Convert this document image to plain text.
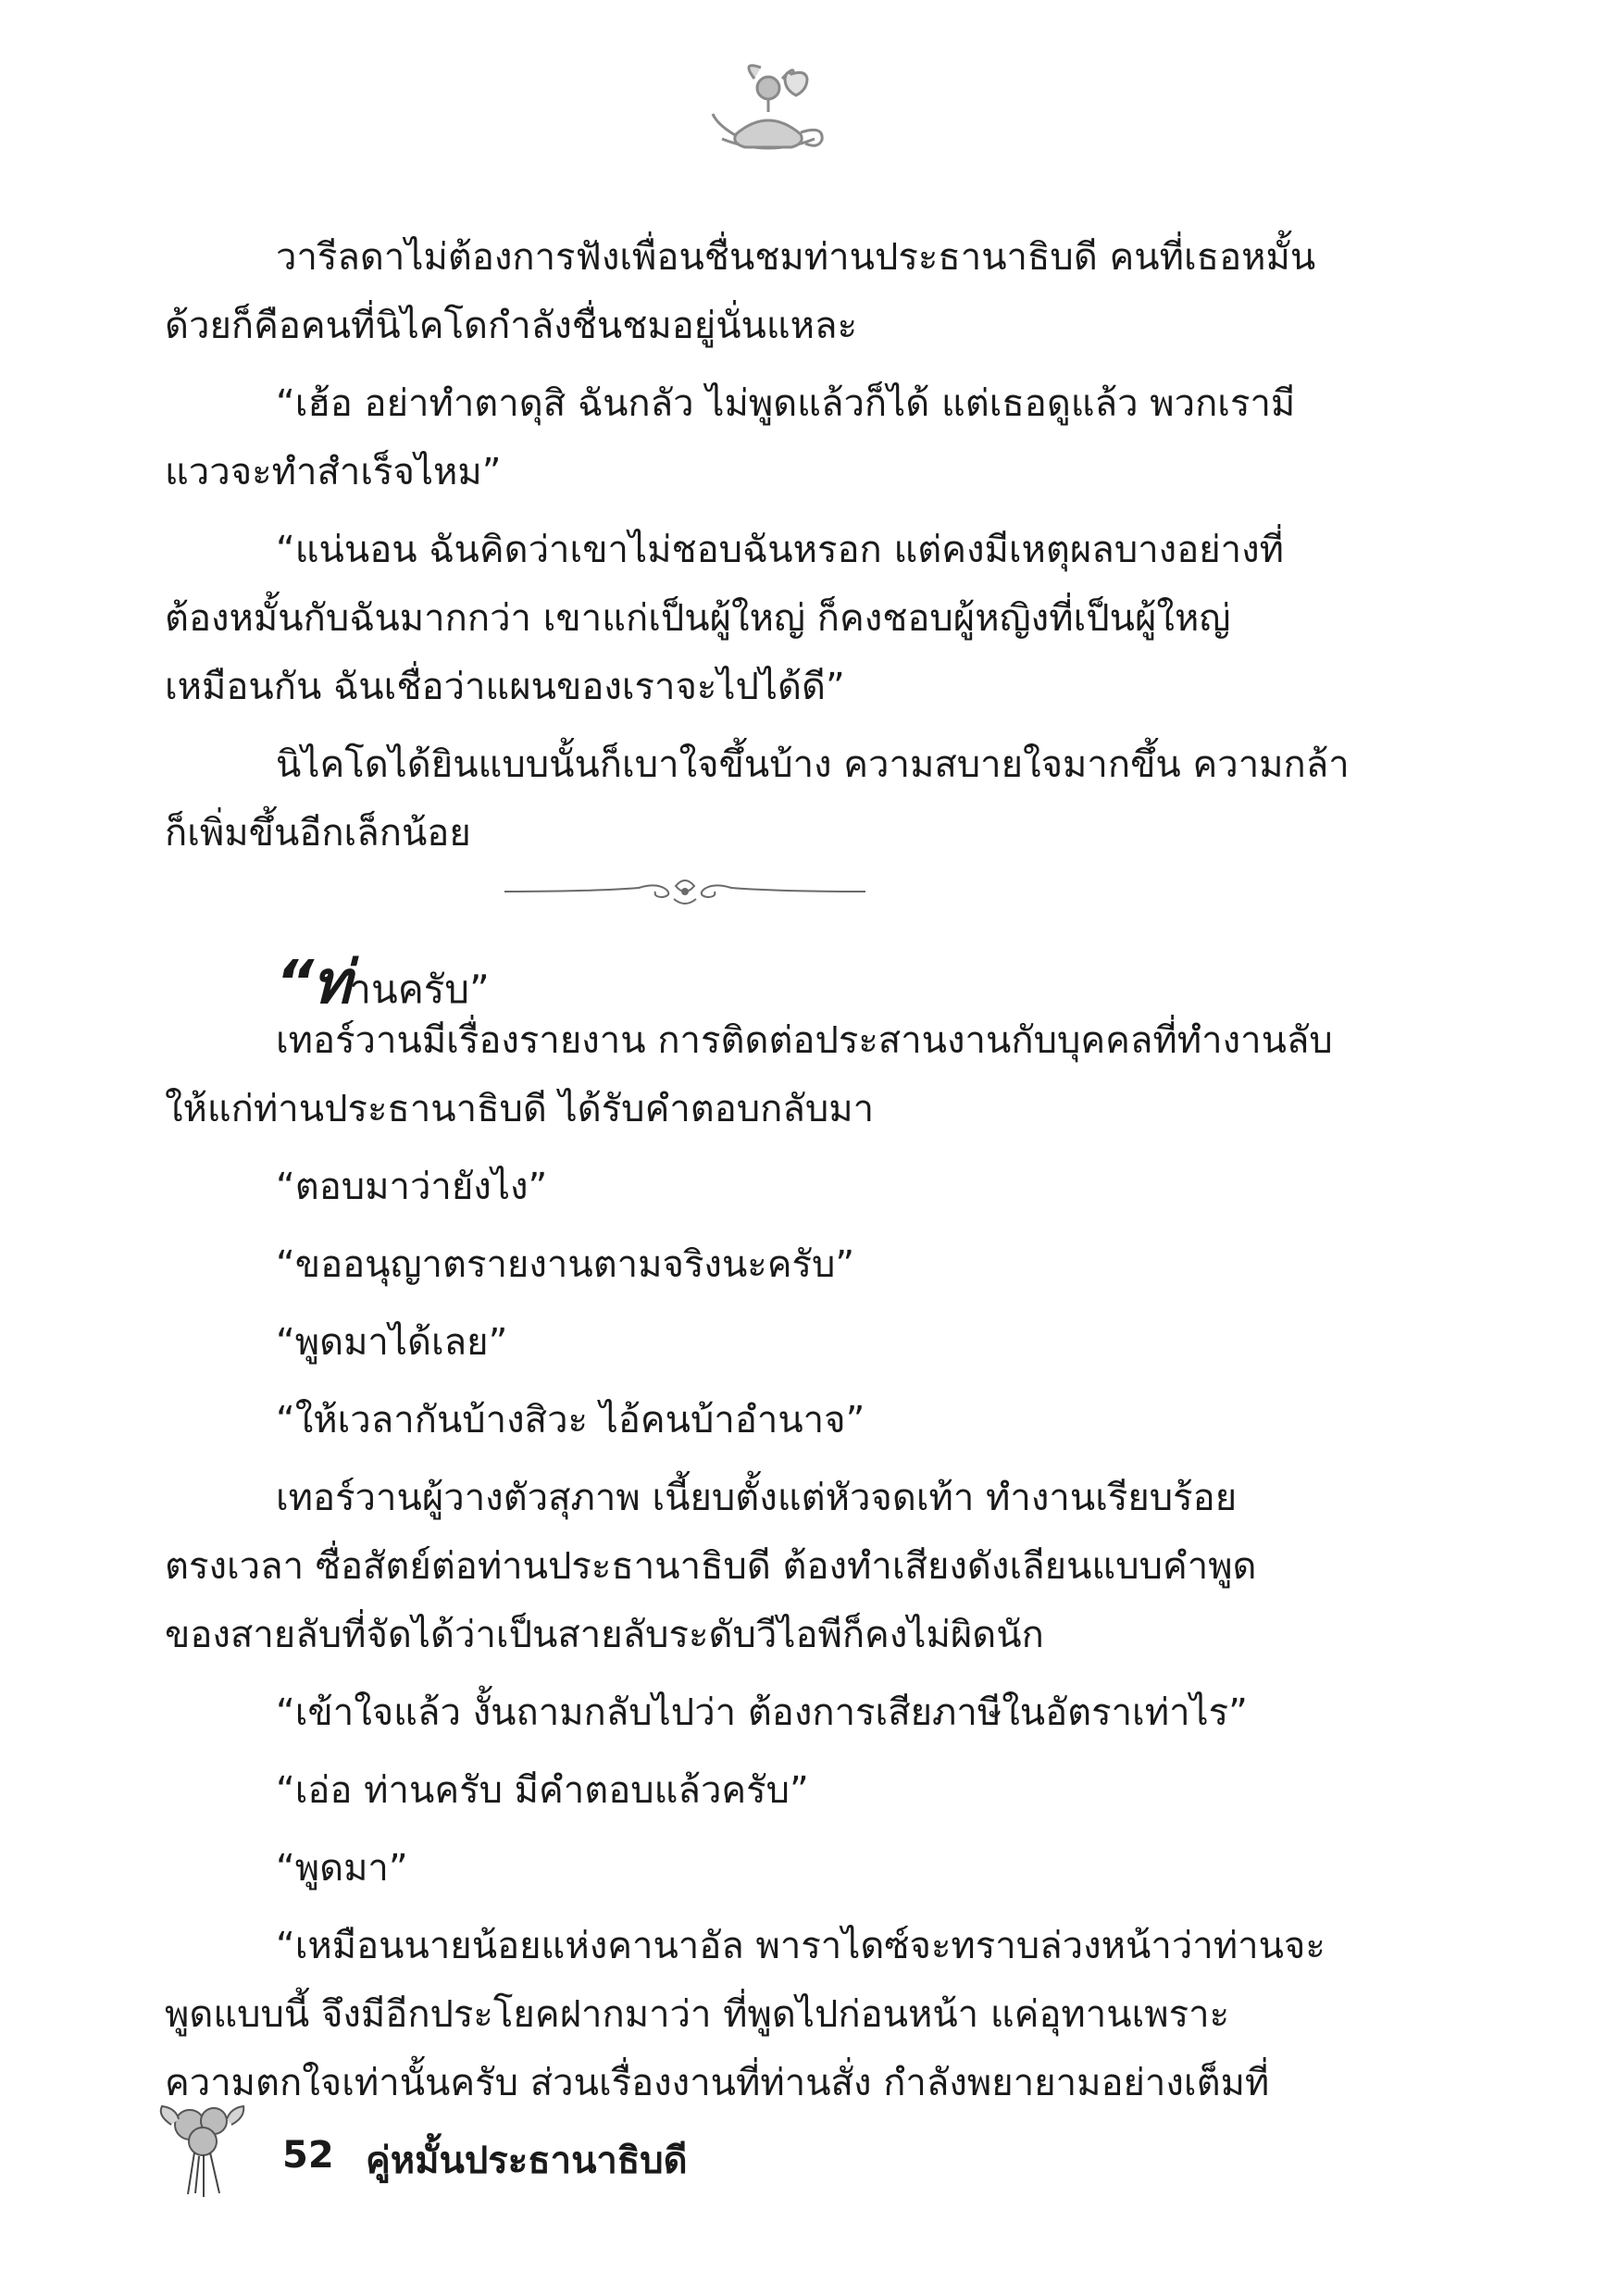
วารีลดาไม่ต้องการฟังเพื่อนชื่นชมท่านประธานาธิบดี คนที่เธอหมั้น
ด้วยก็คือคนที่นิไคโดกำลังชื่นชมอยู่นั่นแหละ
“เฮ้อ อย่าทำตาดุสิ ฉันกลัว ไม่พูดแล้วก็ได้ แต่เธอดูแล้ว พวกเรามี
แววจะทำสำเร็จไหม”
“แน่นอน ฉันคิดว่าเขาไม่ชอบฉันหรอก แต่คงมีเหตุผลบางอย่างที่
ต้องหมั้นกับฉันมากกว่า เขาแก่เป็นผู้ใหญ่ ก็คงชอบผู้หญิงที่เป็นผู้ใหญ่
เหมือนกัน ฉันเชื่อว่าแผนของเราจะไปได้ดี”
นิไคโดได้ยินแบบนั้นก็เบาใจขึ้นบ้าง ความสบายใจมากขึ้น ความกล้า
ก็เพิ่มขึ้นอีกเล็กน้อย
“ท่านครับ”
เทอร์วานมีเรื่องรายงาน การติดต่อประสานงานกับบุคคลที่ทำงานลับ
ให้แก่ท่านประธานาธิบดี ได้รับคำตอบกลับมา
“ตอบมาว่ายังไง”
“ขออนุญาตรายงานตามจริงนะครับ”
“พูดมาได้เลย”
“ให้เวลากันบ้างสิวะ ไอ้คนบ้าอำนาจ”
เทอร์วานผู้วางตัวสุภาพ เนี้ยบตั้งแต่หัวจดเท้า ทำงานเรียบร้อย
ตรงเวลา ซื่อสัตย์ต่อท่านประธานาธิบดี ต้องทำเสียงดังเลียนแบบคำพูด
ของสายลับที่จัดได้ว่าเป็นสายลับระดับวีไอพีก็คงไม่ผิดนัก
“เข้าใจแล้ว งั้นถามกลับไปว่า ต้องการเสียภาษีในอัตราเท่าไร”
“เอ่อ ท่านครับ มีคำตอบแล้วครับ”
“พูดมา”
“เหมือนนายน้อยแห่งคานาอัล พาราไดซ์จะทราบล่วงหน้าว่าท่านจะ
พูดแบบนี้ จึงมีอีกประโยคฝากมาว่า ที่พูดไปก่อนหน้า แค่อุทานเพราะ
ความตกใจเท่านั้นครับ ส่วนเรื่องงานที่ท่านสั่ง กำลังพยายามอย่างเต็มที่
52 คู่หมั้นประธานาธิบดี
